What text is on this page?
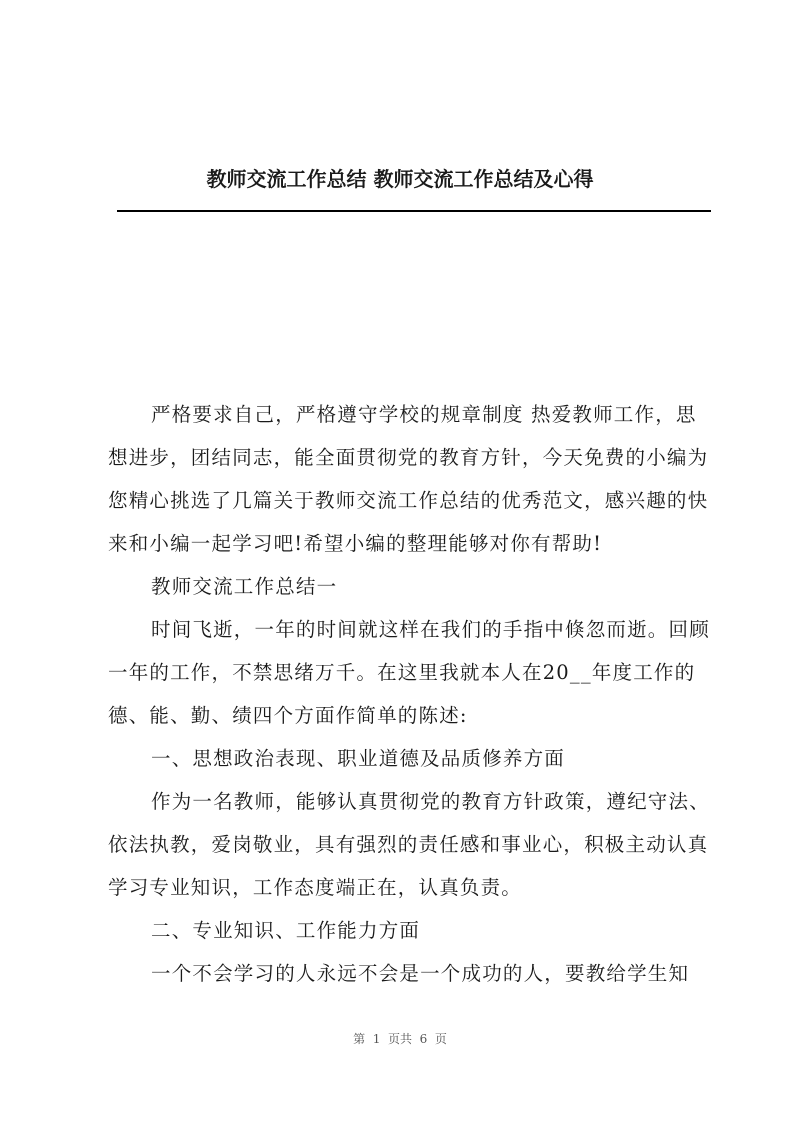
教师交流工作总结 教师交流工作总结及心得

严格要求自己，严格遵守学校的规章制度 热爱教师工作，思想进步，团结同志，能全面贯彻党的教育方针，今天免费的小编为您精心挑选了几篇关于教师交流工作总结的优秀范文，感兴趣的快来和小编一起学习吧!希望小编的整理能够对你有帮助!

教师交流工作总结一

时间飞逝，一年的时间就这样在我们的手指中倏忽而逝。回顾一年的工作，不禁思绪万千。在这里我就本人在20__年度工作的德、能、勤、绩四个方面作简单的陈述:

一、思想政治表现、职业道德及品质修养方面

作为一名教师，能够认真贯彻党的教育方针政策，遵纪守法、依法执教，爱岗敬业，具有强烈的责任感和事业心，积极主动认真学习专业知识，工作态度端正在，认真负责。

二、专业知识、工作能力方面

一个不会学习的人永远不会是一个成功的人，要教给学生知

第  1  页共  6  页
